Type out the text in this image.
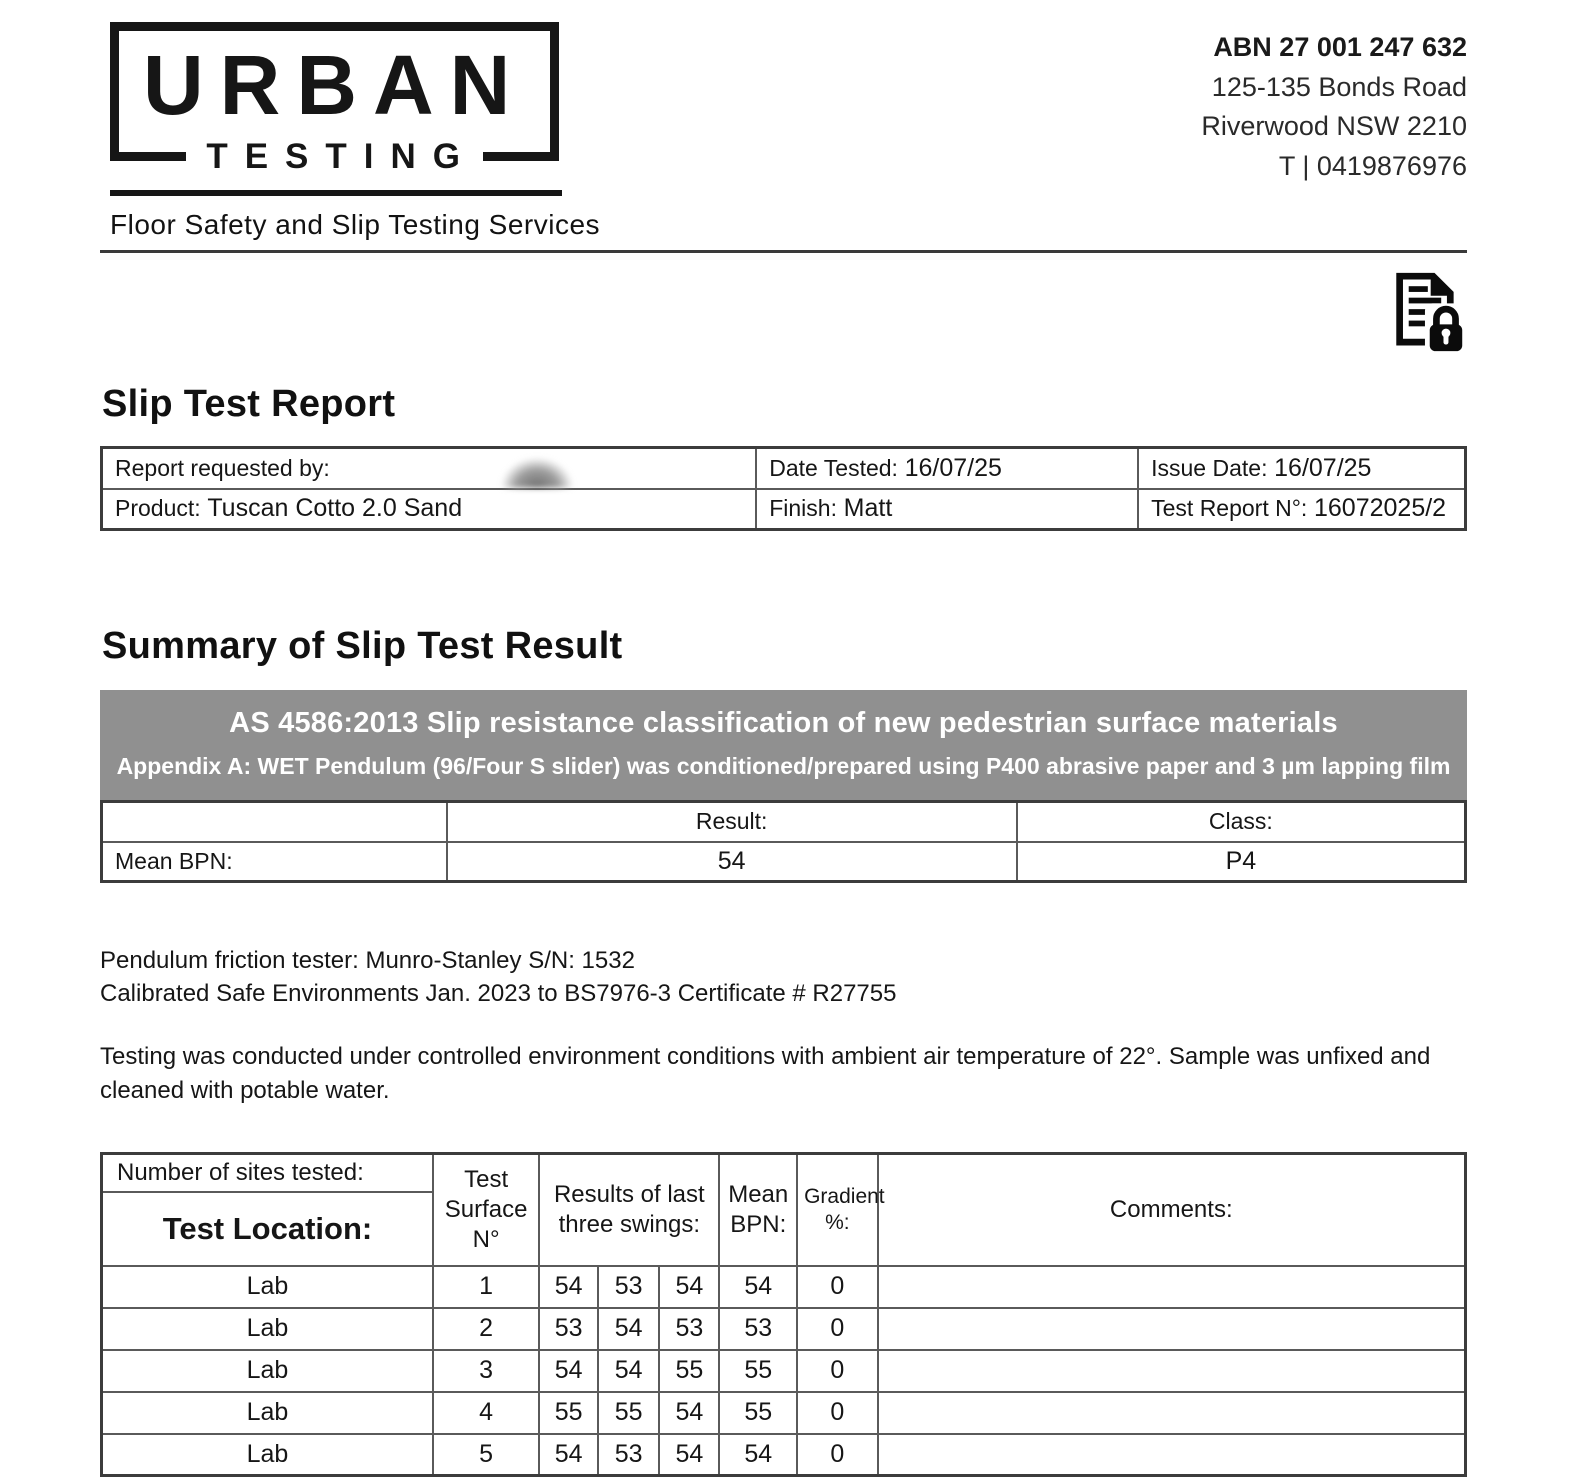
URBAN
TESTING
Floor Safety and Slip Testing Services
ABN 27 001 247 632
125-135 Bonds Road
Riverwood NSW 2210
T | 0419876976
Slip Test Report
Report requested by:	Date Tested: 16/07/25	Issue Date: 16/07/25
Product: Tuscan Cotto 2.0 Sand	Finish: Matt	Test Report N°: 16072025/2
Summary of Slip Test Result
AS 4586:2013 Slip resistance classification of new pedestrian surface materials
Appendix A: WET Pendulum (96/Four S slider) was conditioned/prepared using P400 abrasive paper and 3 µm lapping film
	Result:	Class:
Mean BPN:	54	P4
Pendulum friction tester: Munro-Stanley S/N: 1532
Calibrated Safe Environments Jan. 2023 to BS7976-3 Certificate # R27755

Testing was conducted under controlled environment conditions with ambient air temperature of 22°. Sample was unfixed and cleaned with potable water.

Number of sites tested:	Test Surface N°	Results of last three swings:			Mean BPN:	Gradient %:	Comments:
Test Location:							
Lab	1	54	53	54	54	0	
Lab	2	53	54	53	53	0	
Lab	3	54	54	55	55	0	
Lab	4	55	55	54	55	0	
Lab	5	54	53	54	54	0	
